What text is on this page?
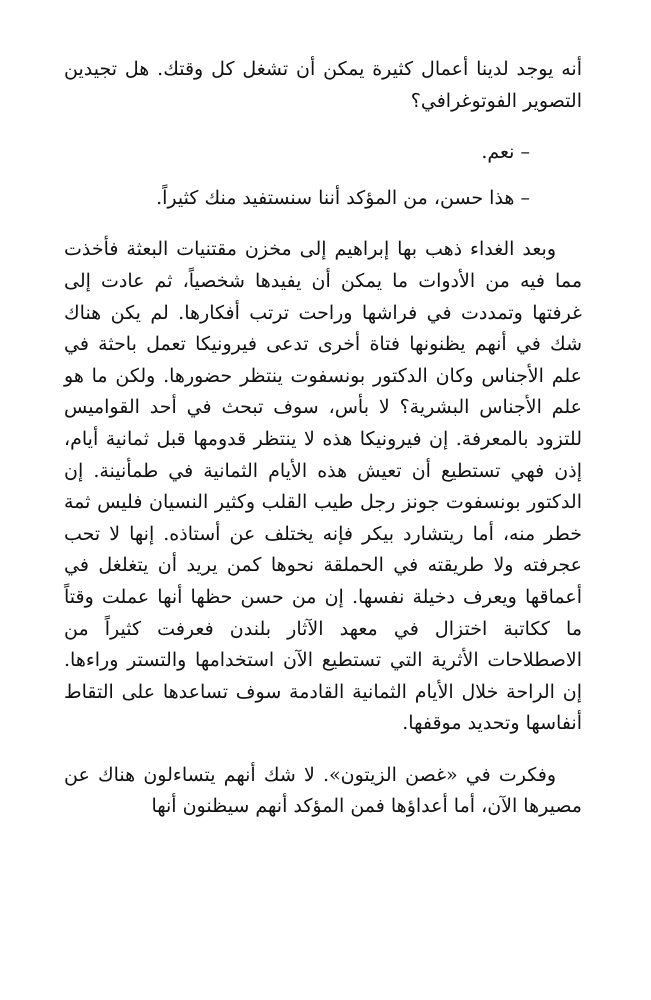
أنه يوجد لدينا أعمال كثيرة يمكن أن تشغل كل وقتك. هل تجيدين التصوير الفوتوغرافي؟

– نعم.

– هذا حسن، من المؤكد أننا سنستفيد منك كثيراً.

وبعد الغداء ذهب بها إبراهيم إلى مخزن مقتنيات البعثة فأخذت مما فيه من الأدوات ما يمكن أن يفيدها شخصياً، ثم عادت إلى غرفتها وتمددت في فراشها وراحت ترتب أفكارها. لم يكن هناك شك في أنهم يظنونها فتاة أخرى تدعى فيرونيكا تعمل باحثة في علم الأجناس وكان الدكتور بونسفوت ينتظر حضورها. ولكن ما هو علم الأجناس البشرية؟ لا بأس، سوف تبحث في أحد القواميس للتزود بالمعرفة. إن فيرونيكا هذه لا ينتظر قدومها قبل ثمانية أيام، إذن فهي تستطيع أن تعيش هذه الأيام الثمانية في طمأنينة. إن الدكتور بونسفوت جونز رجل طيب القلب وكثير النسيان فليس ثمة خطر منه، أما ريتشارد بيكر فإنه يختلف عن أستاذه. إنها لا تحب عجرفته ولا طريقته في الحملقة نحوها كمن يريد أن يتغلغل في أعماقها ويعرف دخيلة نفسها. إن من حسن حظها أنها عملت وقتاً ما ككاتبة اختزال في معهد الآثار بلندن فعرفت كثيراً من الاصطلاحات الأثرية التي تستطيع الآن استخدامها والتستر وراءها. إن الراحة خلال الأيام الثمانية القادمة سوف تساعدها على التقاط أنفاسها وتحديد موقفها.

وفكرت في «غصن الزيتون». لا شك أنهم يتساءلون هناك عن مصيرها الآن، أما أعداؤها فمن المؤكد أنهم سيظنون أنها
